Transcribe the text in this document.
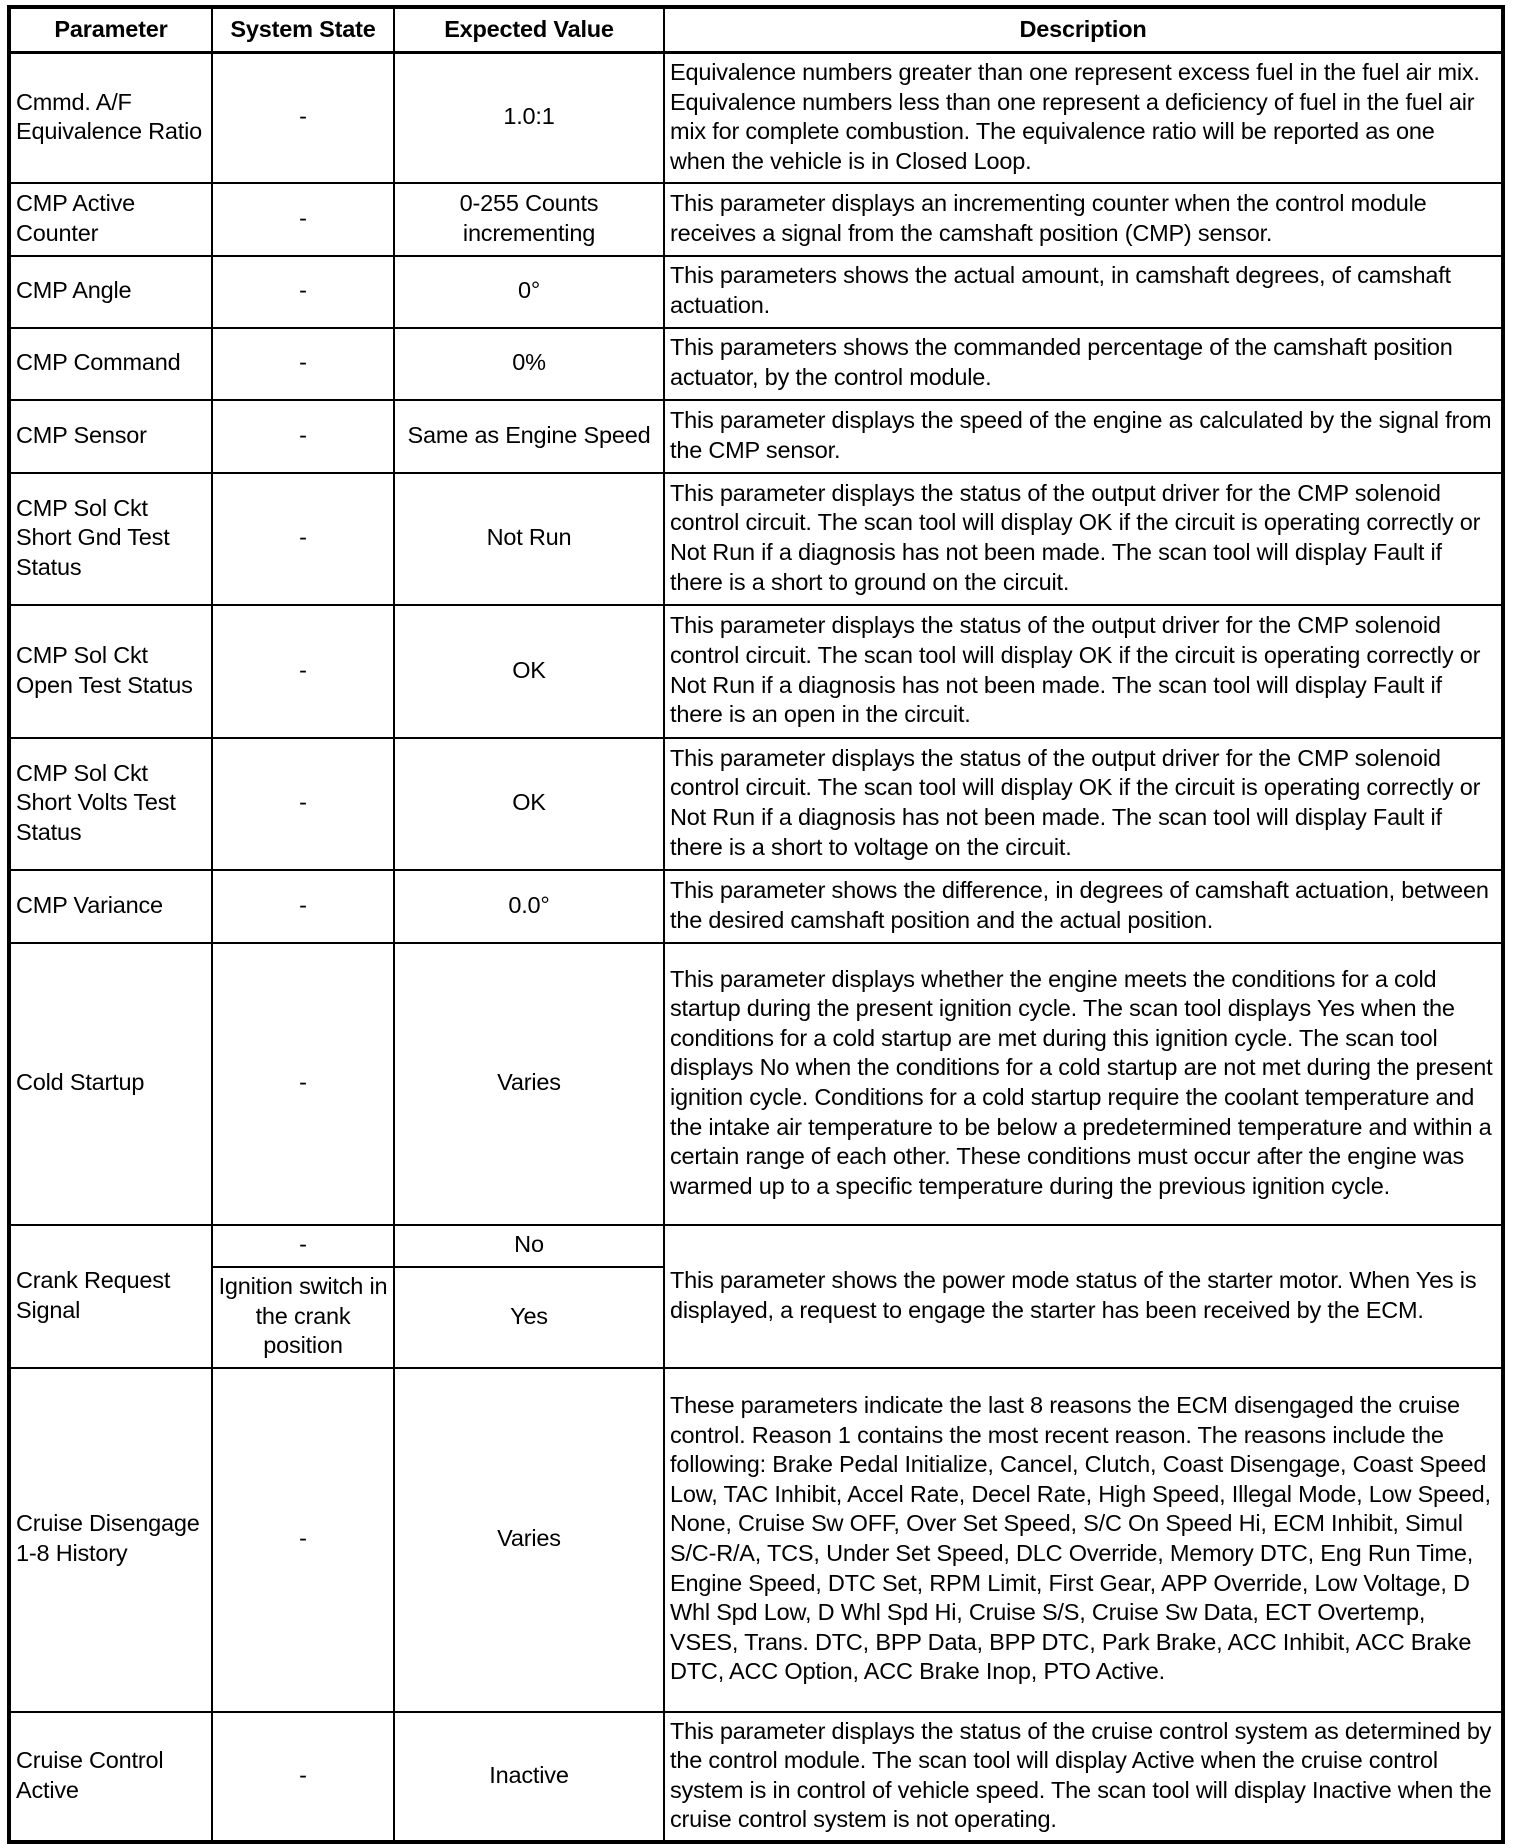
Parameter	System State	Expected Value	Description
Cmmd. A/F Equivalence Ratio	-	1.0:1	Equivalence numbers greater than one represent excess fuel in the fuel air mix. Equivalence numbers less than one represent a deficiency of fuel in the fuel air mix for complete combustion. The equivalence ratio will be reported as one when the vehicle is in Closed Loop.
CMP Active Counter	-	0-255 Counts incrementing	This parameter displays an incrementing counter when the control module receives a signal from the camshaft position (CMP) sensor.
CMP Angle	-	0°	This parameters shows the actual amount, in camshaft degrees, of camshaft actuation.
CMP Command	-	0%	This parameters shows the commanded percentage of the camshaft position actuator, by the control module.
CMP Sensor	-	Same as Engine Speed	This parameter displays the speed of the engine as calculated by the signal from the CMP sensor.
CMP Sol Ckt Short Gnd Test Status	-	Not Run	This parameter displays the status of the output driver for the CMP solenoid control circuit. The scan tool will display OK if the circuit is operating correctly or Not Run if a diagnosis has not been made. The scan tool will display Fault if there is a short to ground on the circuit.
CMP Sol Ckt Open Test Status	-	OK	This parameter displays the status of the output driver for the CMP solenoid control circuit. The scan tool will display OK if the circuit is operating correctly or Not Run if a diagnosis has not been made. The scan tool will display Fault if there is an open in the circuit.
CMP Sol Ckt Short Volts Test Status	-	OK	This parameter displays the status of the output driver for the CMP solenoid control circuit. The scan tool will display OK if the circuit is operating correctly or Not Run if a diagnosis has not been made. The scan tool will display Fault if there is a short to voltage on the circuit.
CMP Variance	-	0.0°	This parameter shows the difference, in degrees of camshaft actuation, between the desired camshaft position and the actual position.
Cold Startup	-	Varies	This parameter displays whether the engine meets the conditions for a cold startup during the present ignition cycle. The scan tool displays Yes when the conditions for a cold startup are met during this ignition cycle. The scan tool displays No when the conditions for a cold startup are not met during the present ignition cycle. Conditions for a cold startup require the coolant temperature and the intake air temperature to be below a predetermined temperature and within a certain range of each other. These conditions must occur after the engine was warmed up to a specific temperature during the previous ignition cycle.
Crank Request Signal	-	No	This parameter shows the power mode status of the starter motor. When Yes is displayed, a request to engage the starter has been received by the ECM.
	Ignition switch in the crank position	Yes	
Cruise Disengage 1-8 History	-	Varies	These parameters indicate the last 8 reasons the ECM disengaged the cruise control. Reason 1 contains the most recent reason. The reasons include the following: Brake Pedal Initialize, Cancel, Clutch, Coast Disengage, Coast Speed Low, TAC Inhibit, Accel Rate, Decel Rate, High Speed, Illegal Mode, Low Speed, None, Cruise Sw OFF, Over Set Speed, S/C On Speed Hi, ECM Inhibit, Simul S/C-R/A, TCS, Under Set Speed, DLC Override, Memory DTC, Eng Run Time, Engine Speed, DTC Set, RPM Limit, First Gear, APP Override, Low Voltage, D Whl Spd Low, D Whl Spd Hi, Cruise S/S, Cruise Sw Data, ECT Overtemp, VSES, Trans. DTC, BPP Data, BPP DTC, Park Brake, ACC Inhibit, ACC Brake DTC, ACC Option, ACC Brake Inop, PTO Active.
Cruise Control Active	-	Inactive	This parameter displays the status of the cruise control system as determined by the control module. The scan tool will display Active when the cruise control system is in control of vehicle speed. The scan tool will display Inactive when the cruise control system is not operating.
